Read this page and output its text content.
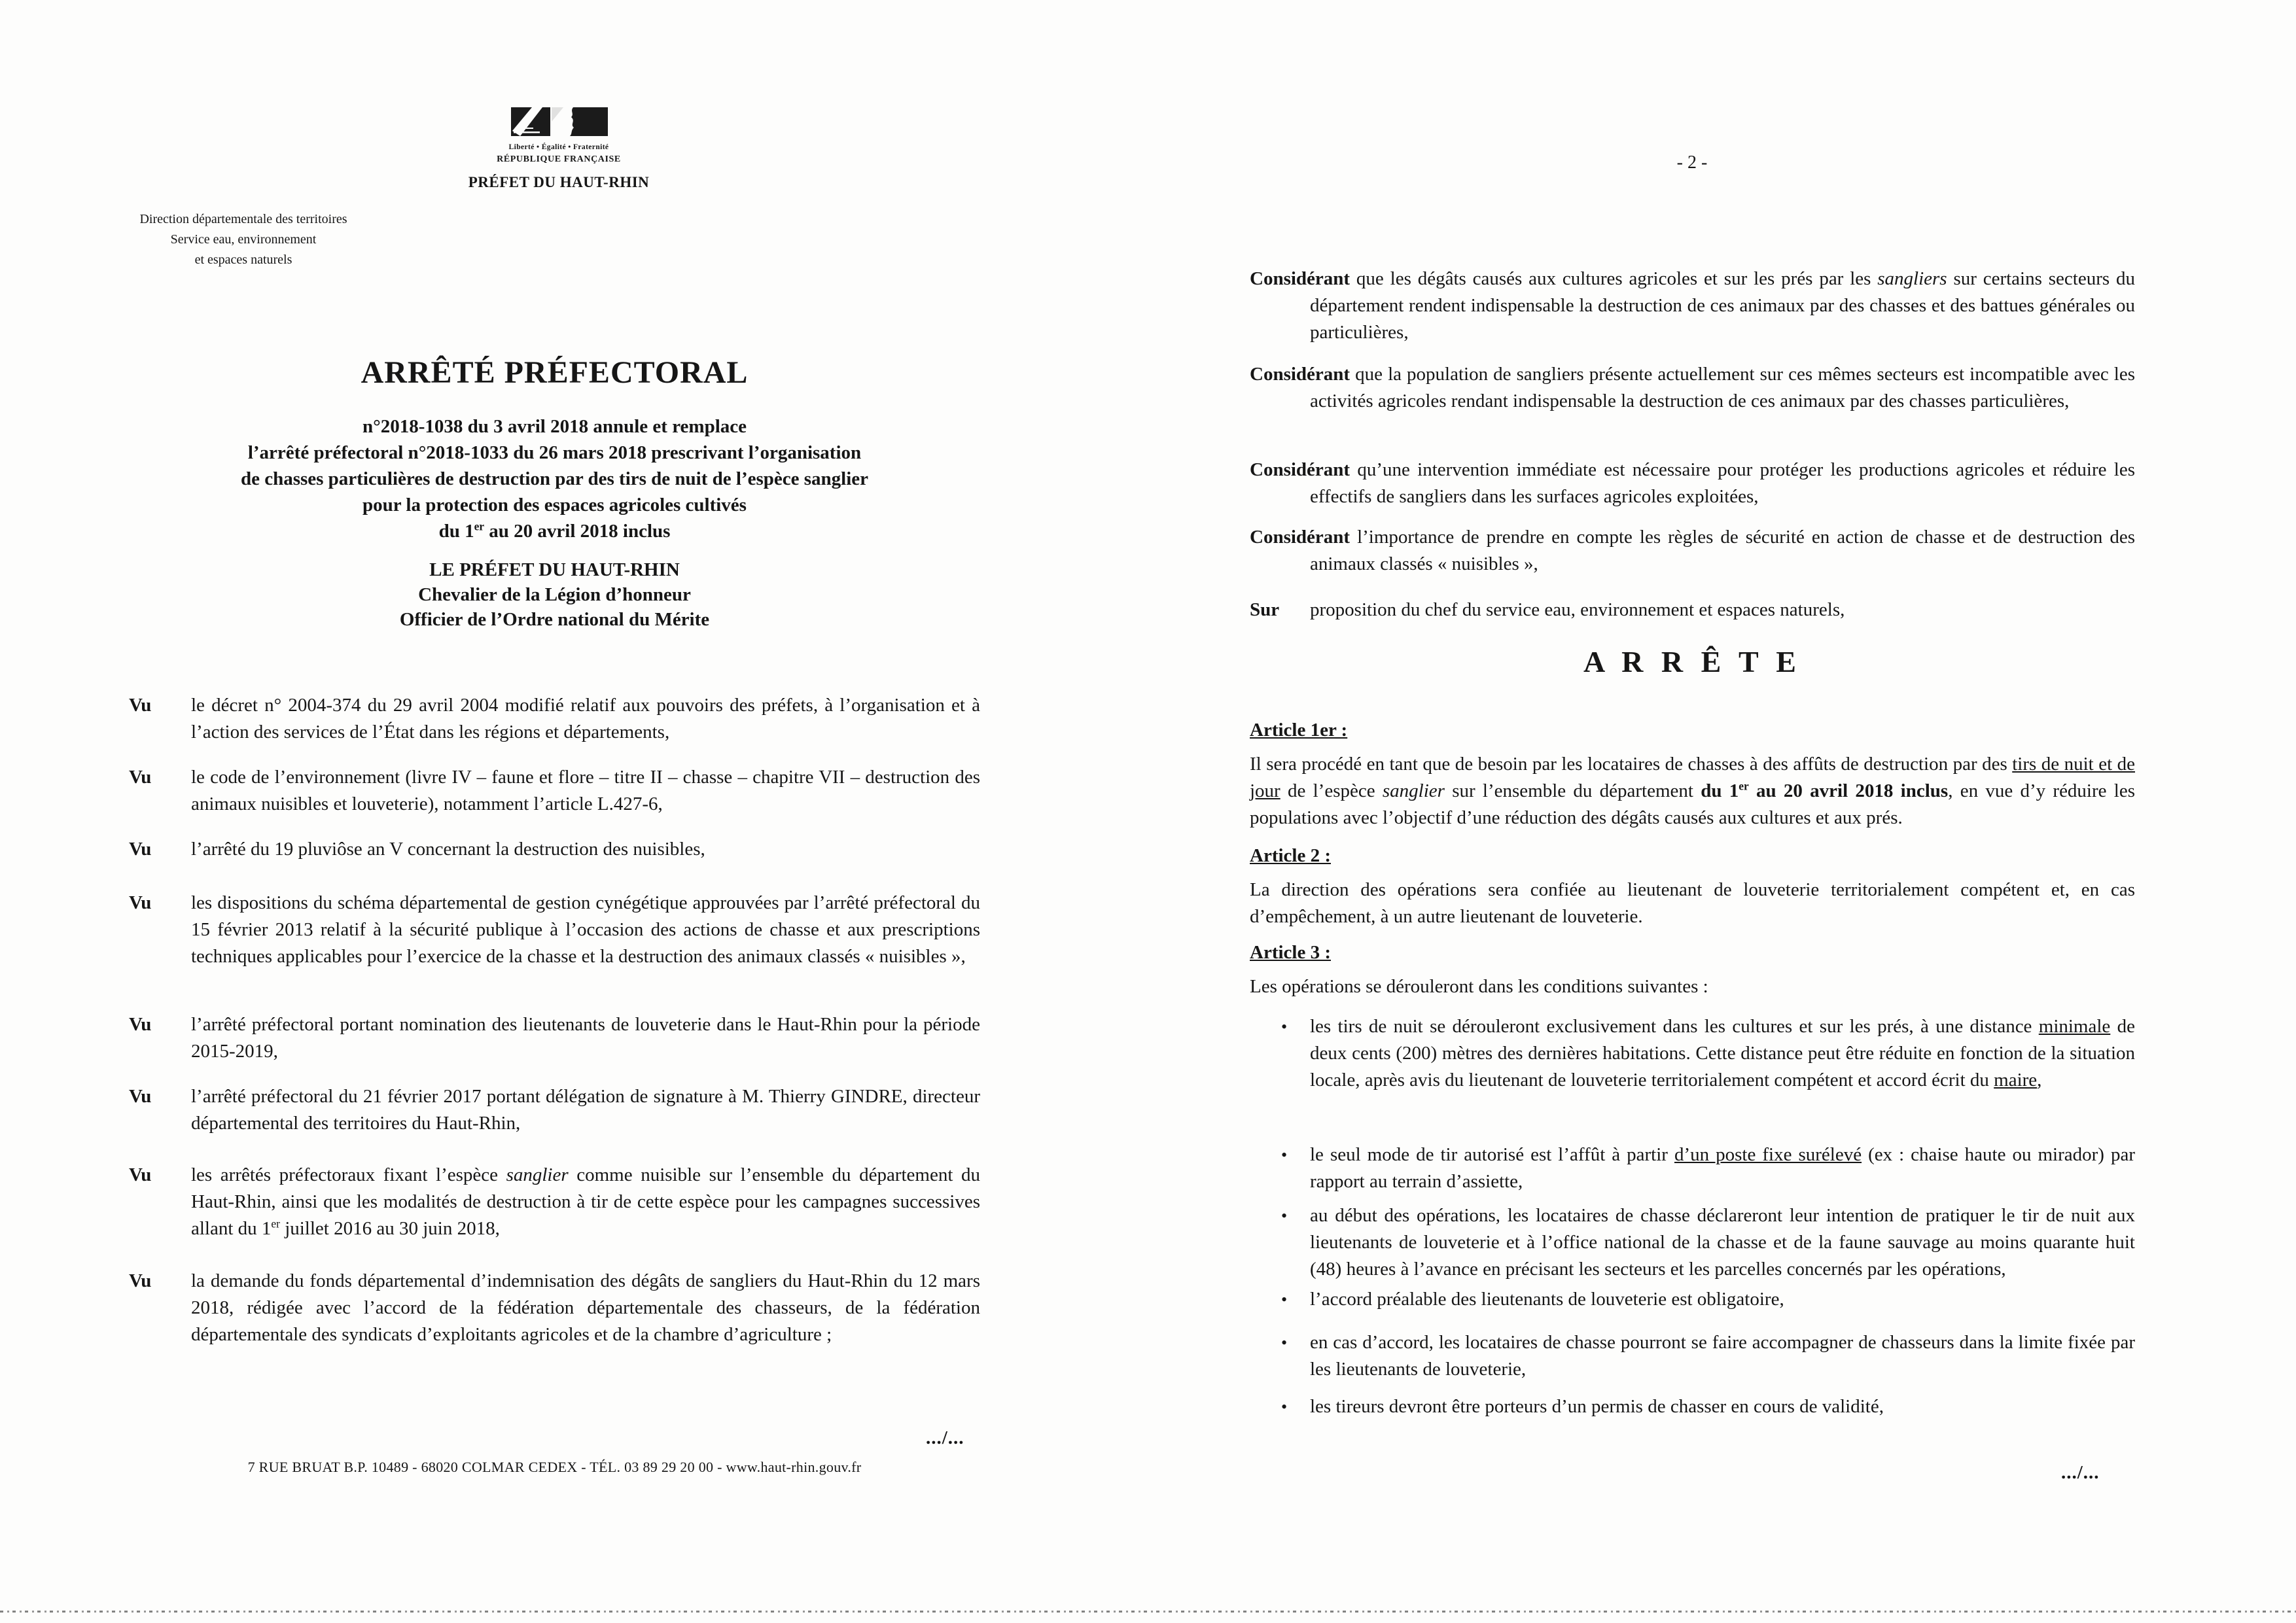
Liberté • Égalité • Fraternité
RÉPUBLIQUE FRANÇAISE
PRÉFET DU HAUT-RHIN
Direction départementale des territoires
Service eau, environnement
et espaces naturels
ARRÊTÉ PRÉFECTORAL
n°2018-1038 du 3 avril 2018 annule et remplace
l’arrêté préfectoral n°2018-1033 du 26 mars 2018 prescrivant l’organisation
de chasses particulières de destruction par des tirs de nuit de l’espèce sanglier
pour la protection des espaces agricoles cultivés
du 1er au 20 avril 2018 inclus
LE PRÉFET DU HAUT-RHIN
Chevalier de la Légion d’honneur
Officier de l’Ordre national du Mérite
Vu le décret n° 2004-374 du 29 avril 2004 modifié relatif aux pouvoirs des préfets, à l’organisation et à l’action des services de l’État dans les régions et départements,
Vu le code de l’environnement (livre IV – faune et flore – titre II – chasse – chapitre VII – destruction des animaux nuisibles et louveterie), notamment l’article L.427-6,
Vu l’arrêté du 19 pluviôse an V concernant la destruction des nuisibles,
Vu les dispositions du schéma départemental de gestion cynégétique approuvées par l’arrêté préfectoral du 15 février 2013 relatif à la sécurité publique à l’occasion des actions de chasse et aux prescriptions techniques applicables pour l’exercice de la chasse et la destruction des animaux classés « nuisibles »,
Vu l’arrêté préfectoral portant nomination des lieutenants de louveterie dans le Haut-Rhin pour la période 2015-2019,
Vu l’arrêté préfectoral du 21 février 2017 portant délégation de signature à M. Thierry GINDRE, directeur départemental des territoires du Haut-Rhin,
Vu les arrêtés préfectoraux fixant l’espèce sanglier comme nuisible sur l’ensemble du département du Haut-Rhin, ainsi que les modalités de destruction à tir de cette espèce pour les campagnes successives allant du 1er juillet 2016 au 30 juin 2018,
Vu la demande du fonds départemental d’indemnisation des dégâts de sangliers du Haut-Rhin du 12 mars 2018, rédigée avec l’accord de la fédération départementale des chasseurs, de la fédération départementale des syndicats d’exploitants agricoles et de la chambre d’agriculture ;
.../...
7 RUE BRUAT B.P. 10489 - 68020 COLMAR CEDEX - TÉL. 03 89 29 20 00 - www.haut-rhin.gouv.fr
- 2 -
Considérant que les dégâts causés aux cultures agricoles et sur les prés par les sangliers sur certains secteurs du département rendent indispensable la destruction de ces animaux par des chasses et des battues générales ou particulières,
Considérant que la population de sangliers présente actuellement sur ces mêmes secteurs est incompatible avec les activités agricoles rendant indispensable la destruction de ces animaux par des chasses particulières,
Considérant qu’une intervention immédiate est nécessaire pour protéger les productions agricoles et réduire les effectifs de sangliers dans les surfaces agricoles exploitées,
Considérant l’importance de prendre en compte les règles de sécurité en action de chasse et de destruction des animaux classés « nuisibles »,
Sur proposition du chef du service eau, environnement et espaces naturels,
A R R Ê T E
Article 1er :
Il sera procédé en tant que de besoin par les locataires de chasses à des affûts de destruction par des tirs de nuit et de jour de l’espèce sanglier sur l’ensemble du département du 1er au 20 avril 2018 inclus, en vue d’y réduire les populations avec l’objectif d’une réduction des dégâts causés aux cultures et aux prés.
Article 2 :
La direction des opérations sera confiée au lieutenant de louveterie territorialement compétent et, en cas d’empêchement, à un autre lieutenant de louveterie.
Article 3 :
Les opérations se dérouleront dans les conditions suivantes :
• les tirs de nuit se dérouleront exclusivement dans les cultures et sur les prés, à une distance minimale de deux cents (200) mètres des dernières habitations. Cette distance peut être réduite en fonction de la situation locale, après avis du lieutenant de louveterie territorialement compétent et accord écrit du maire,
• le seul mode de tir autorisé est l’affût à partir d’un poste fixe surélevé (ex : chaise haute ou mirador) par rapport au terrain d’assiette,
• au début des opérations, les locataires de chasse déclareront leur intention de pratiquer le tir de nuit aux lieutenants de louveterie et à l’office national de la chasse et de la faune sauvage au moins quarante huit (48) heures à l’avance en précisant les secteurs et les parcelles concernés par les opérations,
• l’accord préalable des lieutenants de louveterie est obligatoire,
• en cas d’accord, les locataires de chasse pourront se faire accompagner de chasseurs dans la limite fixée par les lieutenants de louveterie,
• les tireurs devront être porteurs d’un permis de chasser en cours de validité,
.../...
